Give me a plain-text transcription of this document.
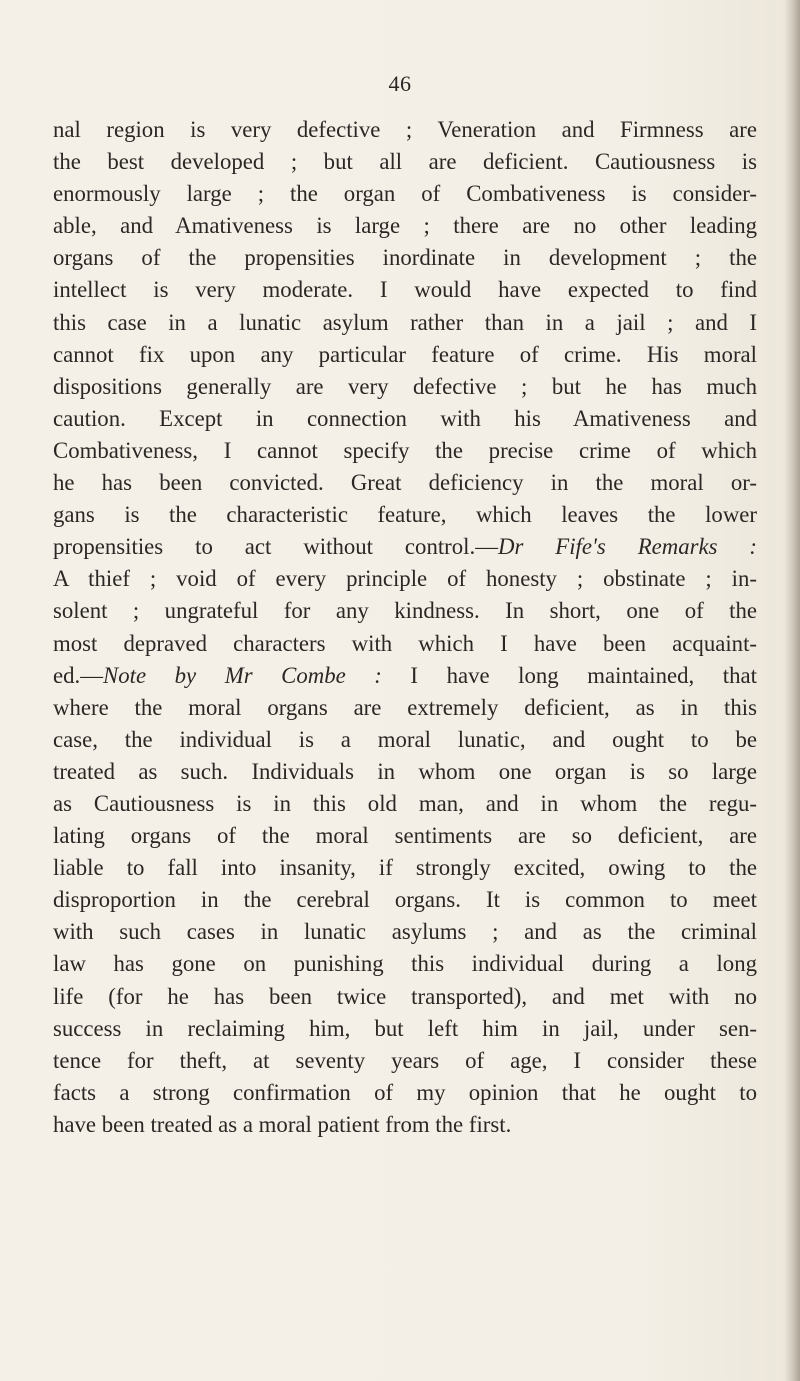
46
nal region is very defective ; Veneration and Firmness are
the best developed ; but all are deficient. Cautiousness is
enormously large ; the organ of Combativeness is consider-
able, and Amativeness is large ; there are no other leading
organs of the propensities inordinate in development ; the
intellect is very moderate. I would have expected to find
this case in a lunatic asylum rather than in a jail ; and I
cannot fix upon any particular feature of crime. His moral
dispositions generally are very defective ; but he has much
caution. Except in connection with his Amativeness and
Combativeness, I cannot specify the precise crime of which
he has been convicted. Great deficiency in the moral or-
gans is the characteristic feature, which leaves the lower
propensities to act without control.—Dr Fife's Remarks :
A thief ; void of every principle of honesty ; obstinate ; in-
solent ; ungrateful for any kindness. In short, one of the
most depraved characters with which I have been acquaint-
ed.—Note by Mr Combe : I have long maintained, that
where the moral organs are extremely deficient, as in this
case, the individual is a moral lunatic, and ought to be
treated as such. Individuals in whom one organ is so large
as Cautiousness is in this old man, and in whom the regu-
lating organs of the moral sentiments are so deficient, are
liable to fall into insanity, if strongly excited, owing to the
disproportion in the cerebral organs. It is common to meet
with such cases in lunatic asylums ; and as the criminal
law has gone on punishing this individual during a long
life (for he has been twice transported), and met with no
success in reclaiming him, but left him in jail, under sen-
tence for theft, at seventy years of age, I consider these
facts a strong confirmation of my opinion that he ought to
have been treated as a moral patient from the first.
